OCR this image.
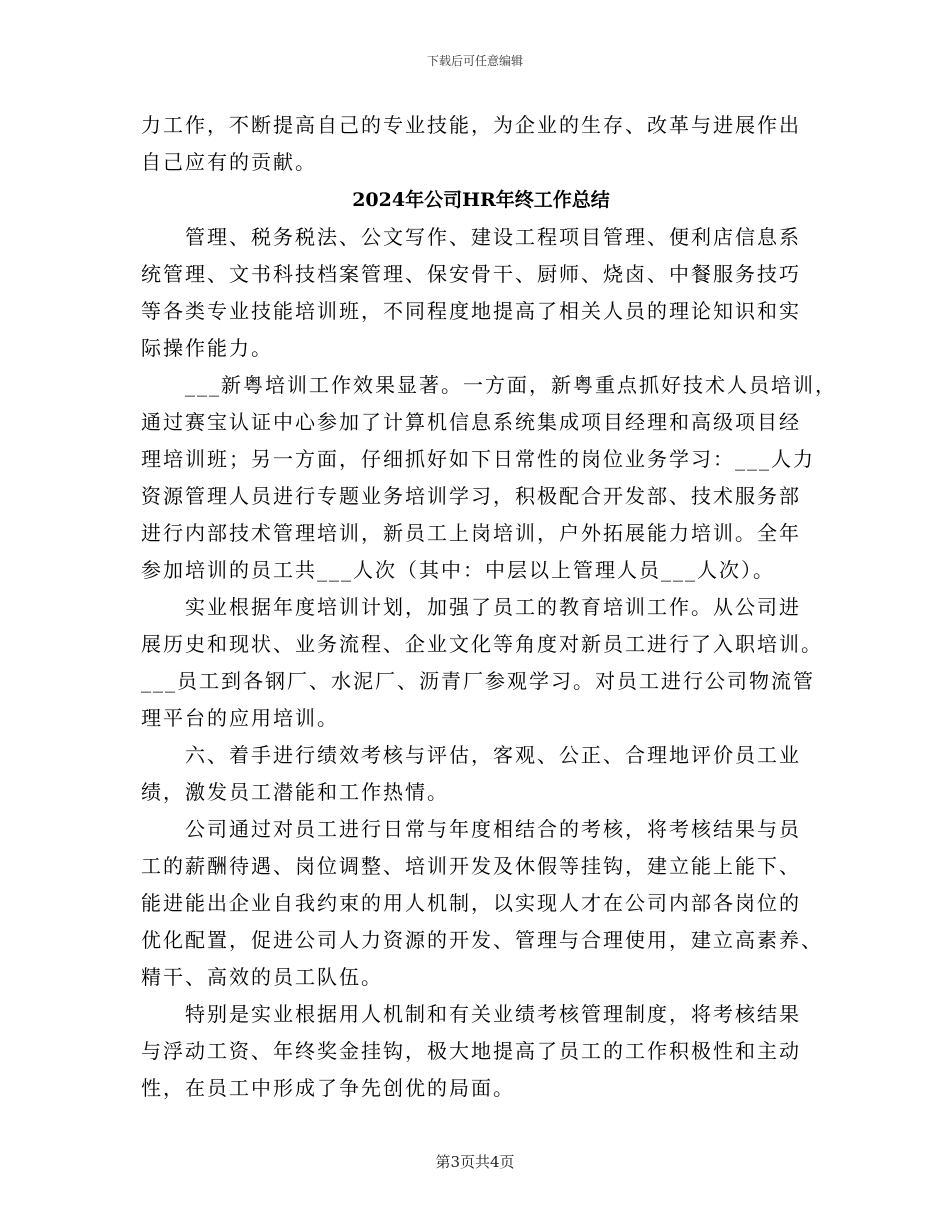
下载后可任意编辑
力工作，不断提高自己的专业技能，为企业的生存、改革与进展作出
自己应有的贡献。
2024年公司HR年终工作总结
　　管理、税务税法、公文写作、建设工程项目管理、便利店信息系
统管理、文书科技档案管理、保安骨干、厨师、烧卤、中餐服务技巧
等各类专业技能培训班，不同程度地提高了相关人员的理论知识和实
际操作能力。
　　___新粤培训工作效果显著。一方面，新粤重点抓好技术人员培训，
通过赛宝认证中心参加了计算机信息系统集成项目经理和高级项目经
理培训班；另一方面，仔细抓好如下日常性的岗位业务学习：___人力
资源管理人员进行专题业务培训学习，积极配合开发部、技术服务部
进行内部技术管理培训，新员工上岗培训，户外拓展能力培训。全年
参加培训的员工共___人次（其中：中层以上管理人员___人次）。
　　实业根据年度培训计划，加强了员工的教育培训工作。从公司进
展历史和现状、业务流程、企业文化等角度对新员工进行了入职培训。
___员工到各钢厂、水泥厂、沥青厂参观学习。对员工进行公司物流管
理平台的应用培训。
　　六、着手进行绩效考核与评估，客观、公正、合理地评价员工业
绩，激发员工潜能和工作热情。
　　公司通过对员工进行日常与年度相结合的考核，将考核结果与员
工的薪酬待遇、岗位调整、培训开发及休假等挂钩，建立能上能下、
能进能出企业自我约束的用人机制，以实现人才在公司内部各岗位的
优化配置，促进公司人力资源的开发、管理与合理使用，建立高素养、
精干、高效的员工队伍。
　　特别是实业根据用人机制和有关业绩考核管理制度，将考核结果
与浮动工资、年终奖金挂钩，极大地提高了员工的工作积极性和主动
性，在员工中形成了争先创优的局面。
第3页共4页
